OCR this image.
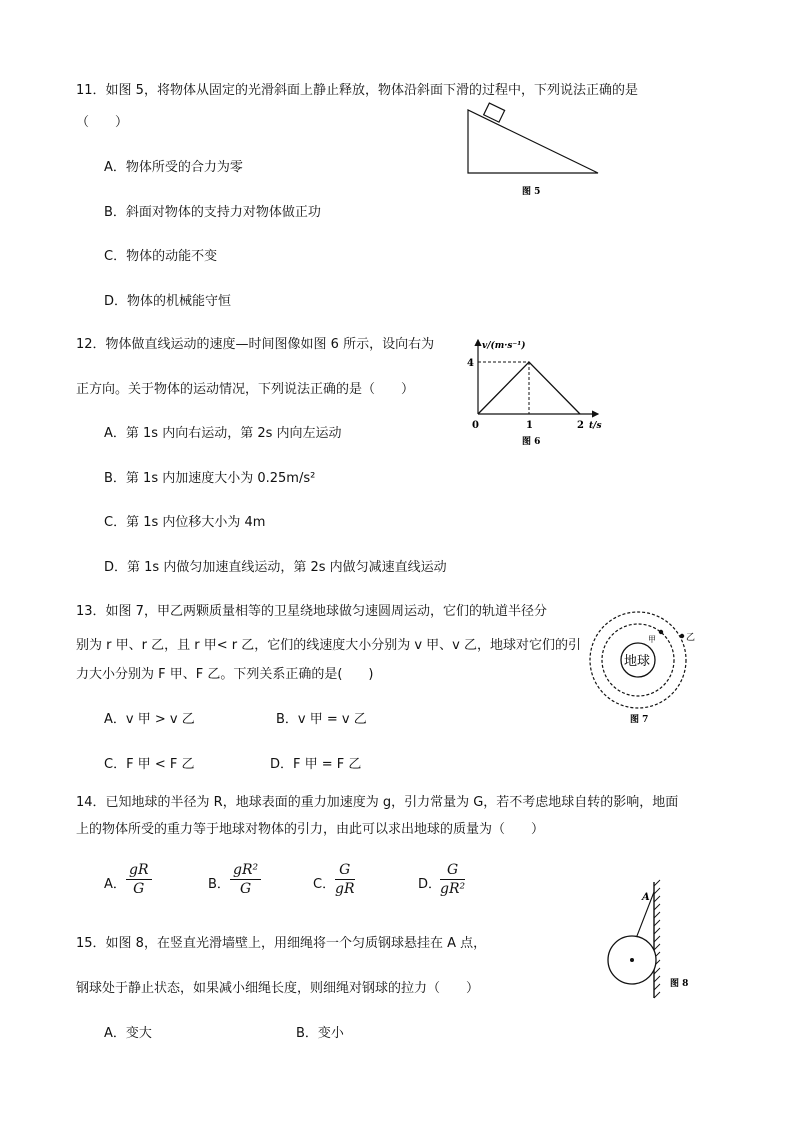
11．如图 5，将物体从固定的光滑斜面上静止释放，物体沿斜面下滑的过程中，下列说法正确的是
（　　）
A．物体所受的合力为零
B．斜面对物体的支持力对物体做正功
C．物体的动能不变
D．物体的机械能守恒
图 5
12．物体做直线运动的速度—时间图像如图 6 所示，设向右为
正方向。关于物体的运动情况，下列说法正确的是（　　）
A．第 1s 内向右运动，第 2s 内向左运动
B．第 1s 内加速度大小为 0.25m/s²
C．第 1s 内位移大小为 4m
D．第 1s 内做匀加速直线运动，第 2s 内做匀减速直线运动
v/(m·s⁻¹)
4
0	1	2 t/s
图 6
13．如图 7，甲乙两颗质量相等的卫星绕地球做匀速圆周运动，它们的轨道半径分
别为 r 甲、r 乙，且 r 甲< r 乙，它们的线速度大小分别为 v 甲、v 乙，地球对它们的引
力大小分别为 F 甲、F 乙。下列关系正确的是(　　)
A．v 甲 > v 乙	B．v 甲 = v 乙
C．F 甲 < F 乙	D．F 甲 = F 乙
地球
甲	乙
图 7
14．已知地球的半径为 R，地球表面的重力加速度为 g，引力常量为 G，若不考虑地球自转的影响，地面
上的物体所受的重力等于地球对物体的引力，由此可以求出地球的质量为（　　）
A． $\frac{gR}{G}$	B． $\frac{\text{gR²}}{G}$	C． $\frac{G}{gR}$	D．
$\frac{G}{\text{gR²}}$
15．如图 8，在竖直光滑墙壁上，用细绳将一个匀质钢球悬挂在 A 点，
钢球处于静止状态，如果减小细绳长度，则细绳对钢球的拉力（　　）
A．变大	B．变小
A
图 8
